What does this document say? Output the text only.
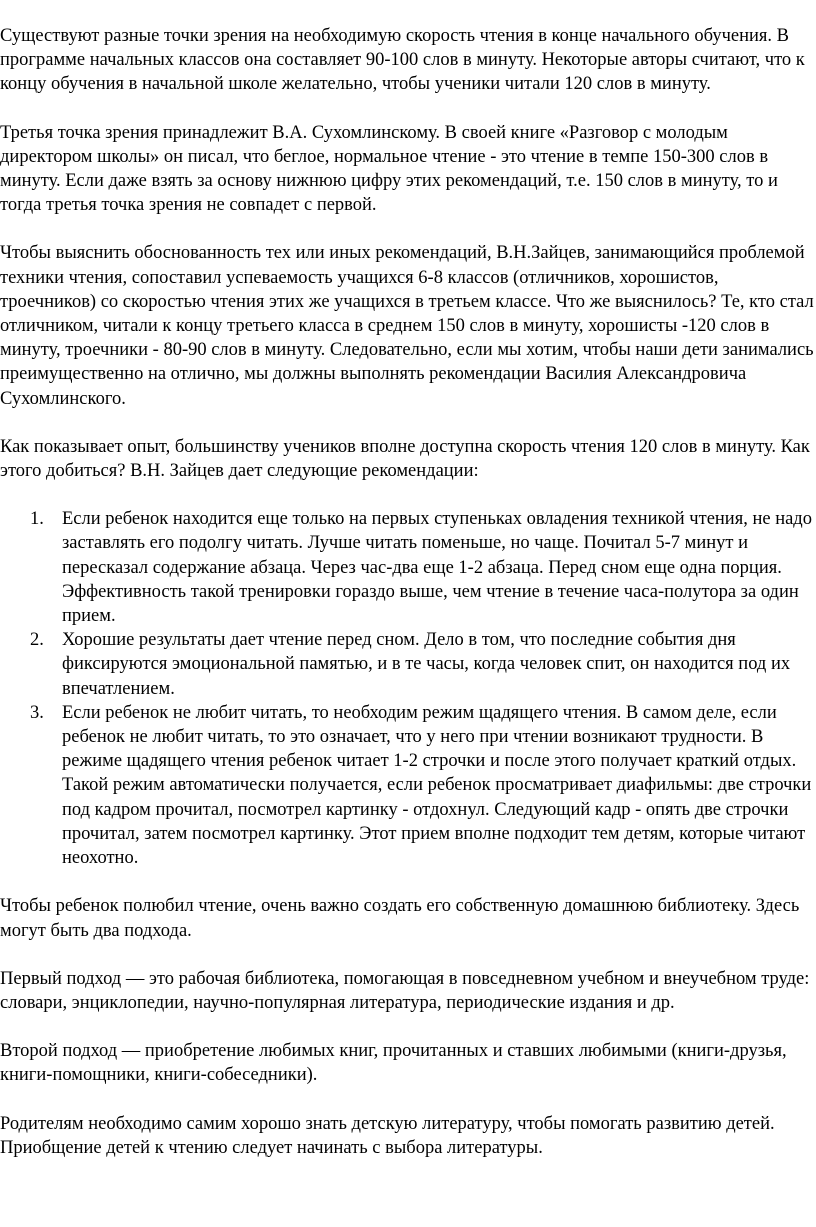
Существуют разные точки зрения на необходимую скорость чтения в конце начального обучения. В программе начальных классов она составляет 90-100 слов в минуту. Некоторые авторы считают, что к концу обучения в начальной школе желательно, чтобы ученики читали 120 слов в минуту.

Третья точка зрения принадлежит В.А. Сухомлинскому. В своей книге «Разговор с молодым директором школы» он писал, что беглое, нормальное чтение - это чтение в темпе 150-300 слов в минуту. Если даже взять за основу нижнюю цифру этих рекомендаций, т.е. 150 слов в минуту, то и тогда третья точка зрения не совпадет с первой.

Чтобы выяснить обоснованность тех или иных рекомендаций, В.Н.Зайцев, занимающийся проблемой техники чтения, сопоставил успеваемость учащихся 6-8 классов (отличников, хорошистов, троечников) со скоростью чтения этих же учащихся в третьем классе. Что же выяснилось? Те, кто стал отличником, читали к концу третьего класса в среднем 150 слов в минуту, хорошисты -120 слов в минуту, троечники - 80-90 слов в минуту. Следовательно, если мы хотим, чтобы наши дети занимались преимущественно на отлично, мы должны выполнять рекомендации Василия Александровича Сухомлинского.

Как показывает опыт, большинству учеников вполне доступна скорость чтения 120 слов в минуту. Как этого добиться? В.Н. Зайцев дает следующие рекомендации:

1. Если ребенок находится еще только на первых ступеньках овладения техникой чтения, не надо заставлять его подолгу читать. Лучше читать поменьше, но чаще. Почитал 5-7 минут и пересказал содержание абзаца. Через час-два еще 1-2 абзаца. Перед сном еще одна порция. Эффективность такой тренировки гораздо выше, чем чтение в течение часа-полутора за один прием.
2. Хорошие результаты дает чтение перед сном. Дело в том, что последние события дня фиксируются эмоциональной памятью, и в те часы, когда человек спит, он находится под их впечатлением.
3. Если ребенок не любит читать, то необходим режим щадящего чтения. В самом деле, если ребенок не любит читать, то это означает, что у него при чтении возникают трудности. В режиме щадящего чтения ребенок читает 1-2 строчки и после этого получает краткий отдых. Такой режим автоматически получается, если ребенок просматривает диафильмы: две строчки под кадром прочитал, посмотрел картинку - отдохнул. Следующий кадр - опять две строчки прочитал, затем посмотрел картинку. Этот прием вполне подходит тем детям, которые читают неохотно.

Чтобы ребенок полюбил чтение, очень важно создать его собственную домашнюю библиотеку. Здесь могут быть два подхода.

Первый подход — это рабочая библиотека, помогающая в повседневном учебном и внеучебном труде: словари, энциклопедии, научно-популярная литература, периодические издания и др.

Второй подход — приобретение любимых книг, прочитанных и ставших любимыми (книги-друзья, книги-помощники, книги-собеседники).

Родителям необходимо самим хорошо знать детскую литературу, чтобы помогать развитию детей. Приобщение детей к чтению следует начинать с выбора литературы.
